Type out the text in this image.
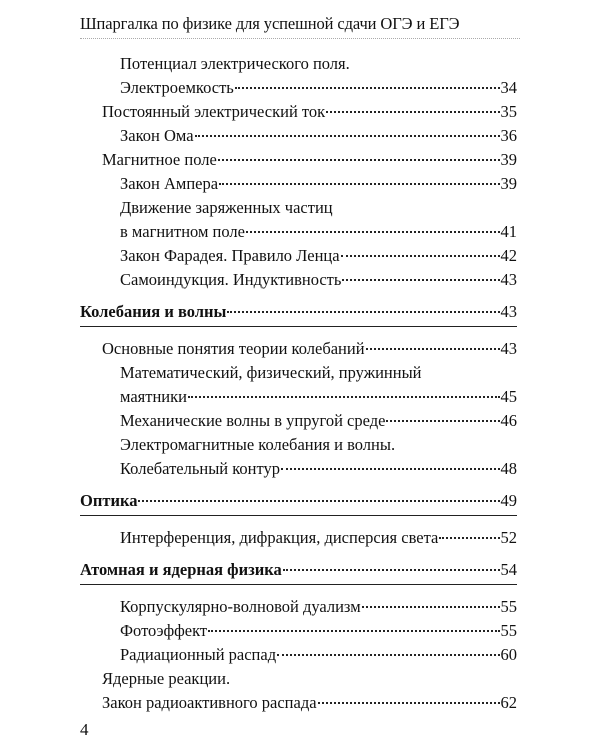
Шпаргалка по физике для успешной сдачи ОГЭ и ЕГЭ
Потенциал электрического поля.
Электроемкость	34
Постоянный электрический ток	35
Закон Ома	36
Магнитное поле	39
Закон Ампера	39
Движение заряженных частиц
в магнитном поле	41
Закон Фарадея. Правило Ленца	42
Самоиндукция. Индуктивность	43
Колебания и волны	43
Основные понятия теории колебаний	43
Математический, физический, пружинный
маятники	45
Механические волны в упругой среде	46
Электромагнитные колебания и волны.
Колебательный контур	48
Оптика	49
Интерференция, дифракция, дисперсия света	52
Атомная и ядерная физика	54
Корпускулярно-волновой дуализм	55
Фотоэффект	55
Радиационный распад	60
Ядерные реакции.
Закон радиоактивного распада	62
4
